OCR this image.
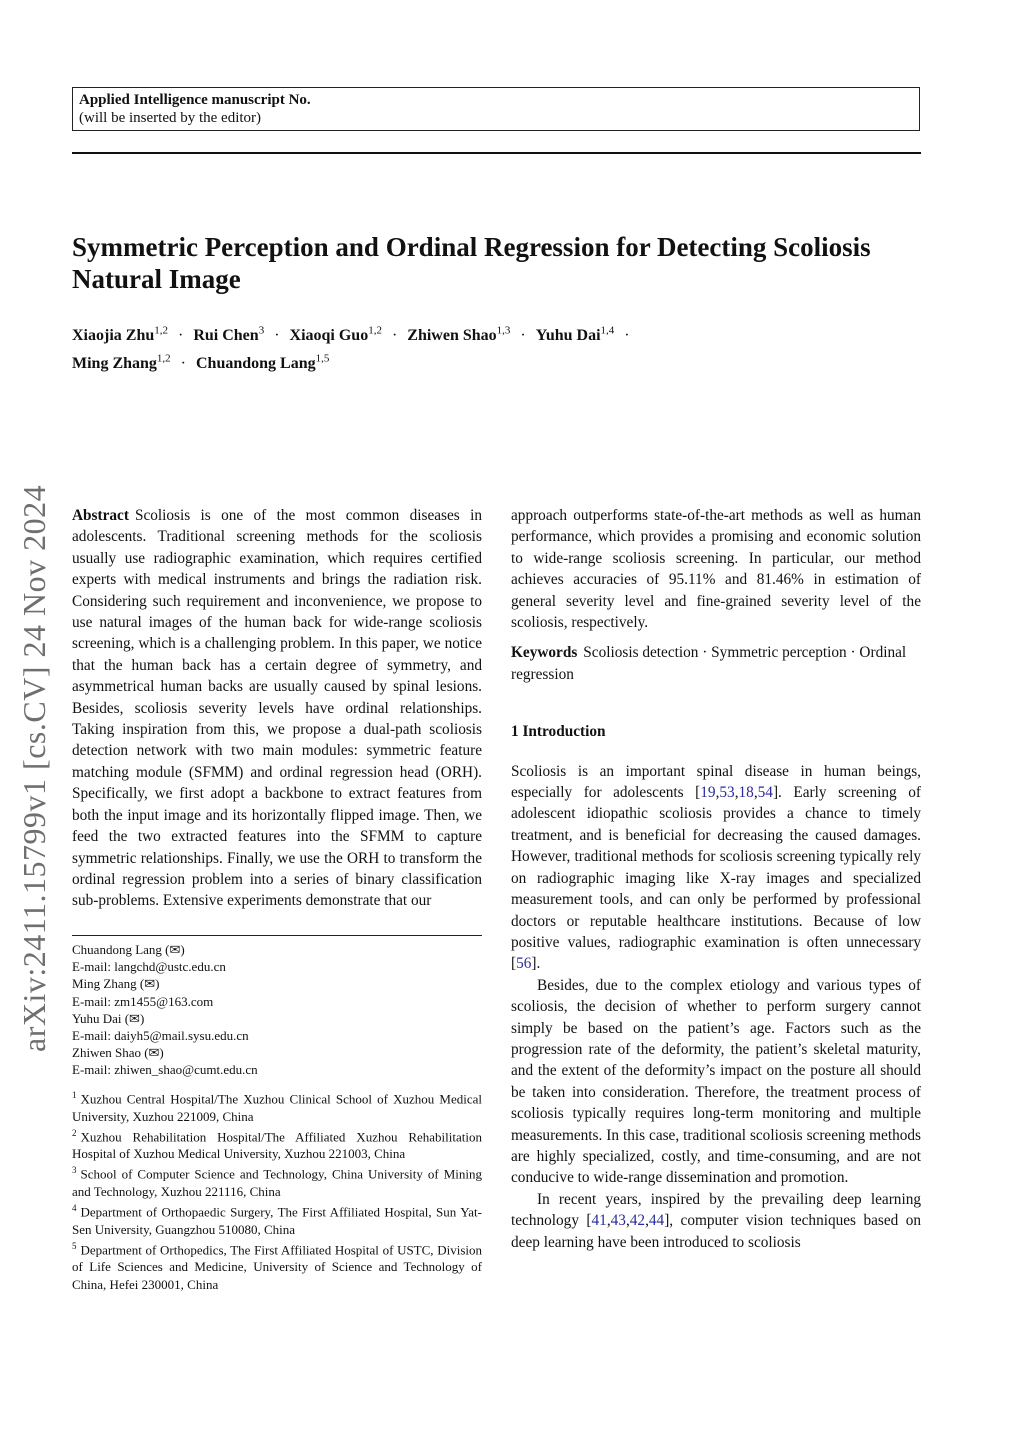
Applied Intelligence manuscript No.
(will be inserted by the editor)
Symmetric Perception and Ordinal Regression for Detecting Scoliosis
Natural Image
Xiaojia Zhu$^{1,2}$ · Rui Chen$^3$ · Xiaoqi Guo$^{1,2}$ · Zhiwen Shao$^{1,3}$ · Yuhu Dai$^{1,4}$ ·
Ming Zhang$^{1,2}$ · Chuandong Lang$^{1,5}$
arXiv:2411.15799v1 [cs.CV] 24 Nov 2024 Abstract Scoliosis is one of the most common diseases in adolescents. Traditional screening methods for the scoliosis usually use radiographic examination, which requires certified experts with medical instruments and brings the radiation risk. Considering such requirement and inconvenience, we propose to use natural images of the human back for wide-range scoliosis screening, which is a challenging problem. In this paper, we notice that the human back has a certain degree of symmetry, and asymmetrical human backs are usually caused by spinal lesions. Besides, scoliosis severity levels have ordinal relationships. Taking inspiration from this, we propose a dual-path scoliosis detection network with two main modules: symmetric feature matching module (SFMM) and ordinal regression head (ORH). Specifically, we first adopt a backbone to extract features from both the input image and its horizontally flipped image. Then, we feed the two extracted features into the SFMM to capture symmetric relationships. Finally, we use the ORH to transform the ordinal regression problem into a series of binary classification sub-problems. Extensive experiments demonstrate that our

approach outperforms state-of-the-art methods as well as human performance, which provides a promising and economic solution to wide-range scoliosis screening. In particular, our method achieves accuracies of 95.11% and 81.46% in estimation of general severity level and fine-grained severity level of the scoliosis, respectively.

Keywords Scoliosis detection · Symmetric perception · Ordinal regression

1 Introduction

Scoliosis is an important spinal disease in human beings, especially for adolescents [19,53,18,54]. Early screening of adolescent idiopathic scoliosis provides a chance to timely treatment, and is beneficial for decreasing the caused damages. However, traditional methods for scoliosis screening typically rely on radiographic imaging like X-ray images and specialized measurement tools, and can only be performed by professional doctors or reputable healthcare institutions. Because of low positive values, radiographic examination is often unnecessary [56].

Besides, due to the complex etiology and various types of scoliosis, the decision of whether to perform surgery cannot simply be based on the patient’s age. Factors such as the progression rate of the deformity, the patient’s skeletal maturity, and the extent of the deformity’s impact on the posture all should be taken into consideration. Therefore, the treatment process of scoliosis typically requires long-term monitoring and multiple measurements. In this case, traditional scoliosis screening methods are highly specialized, costly, and time-consuming, and are not conducive to wide-range dissemination and promotion.

In recent years, inspired by the prevailing deep learning technology [41,43,42,44], computer vision techniques based on deep learning have been introduced to scoliosis

Chuandong Lang (✉)
E-mail: langchd@ustc.edu.cn
Ming Zhang (✉)
E-mail: zm1455@163.com
Yuhu Dai (✉)
E-mail: daiyh5@mail.sysu.edu.cn
Zhiwen Shao (✉)
E-mail: zhiwen_shao@cumt.edu.cn

$^1$ Xuzhou Central Hospital/The Xuzhou Clinical School of Xuzhou Medical University, Xuzhou 221009, China

$^2$ Xuzhou Rehabilitation Hospital/The Affiliated Xuzhou Rehabilitation Hospital of Xuzhou Medical University, Xuzhou 221003, China

$^3$ School of Computer Science and Technology, China University of Mining and Technology, Xuzhou 221116, China

$^4$ Department of Orthopaedic Surgery, The First Affiliated Hospital, Sun Yat-Sen University, Guangzhou 510080, China

$^5$ Department of Orthopedics, The First Affiliated Hospital of USTC, Division of Life Sciences and Medicine, University of Science and Technology of China, Hefei 230001, China
